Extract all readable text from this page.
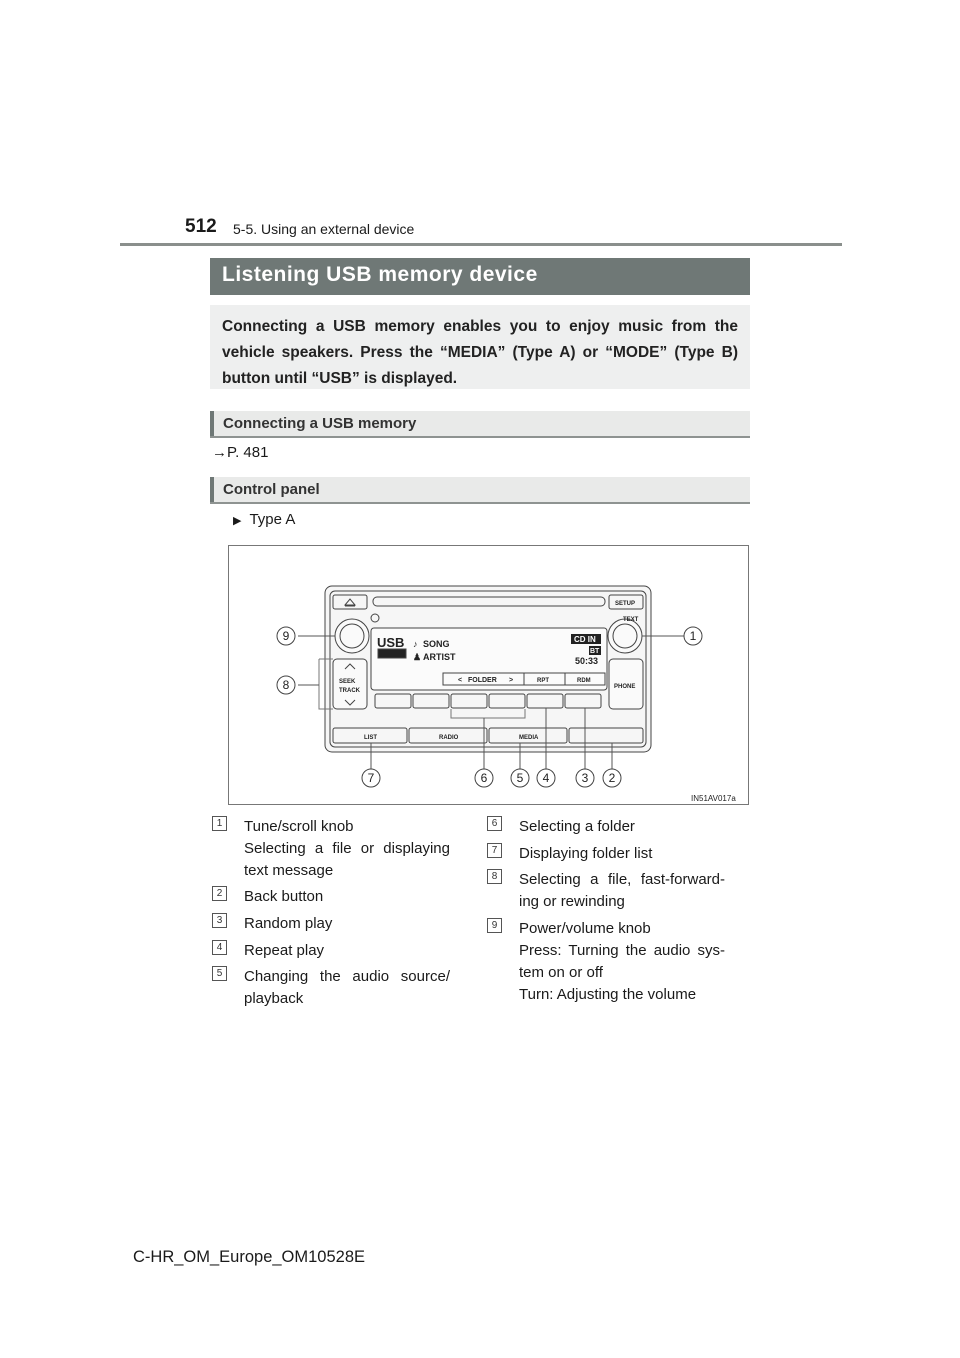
512 5-5. Using an external device
Listening USB memory device
Connecting a USB memory enables you to enjoy music from the vehicle speakers. Press the “MEDIA” (Type A) or “MODE” (Type B) button until “USB” is displayed.
Connecting a USB memory
→P. 481
Control panel
▶ Type A
USB ♪ SONG
♟ ARTIST
CD IN
BT
50:33
< FOLDER >	RPT	RDM
SETUP
TEXT
SEEK
TRACK
PHONE
LIST	RADIO	MEDIA
IN51AV017a
9
8
1
7	6 5 4	3 2
1	Tune/scroll knob
Selecting a file or displaying text message
2	Back button
3	Random play
4	Repeat play
5	Changing the audio source/ playback
6	Selecting a folder
7	Displaying folder list
8	Selecting a file, fast-forward-ing or rewinding
9	Power/volume knob
Press: Turning the audio sys-tem on or off
Turn: Adjusting the volume
C-HR_OM_Europe_OM10528E
